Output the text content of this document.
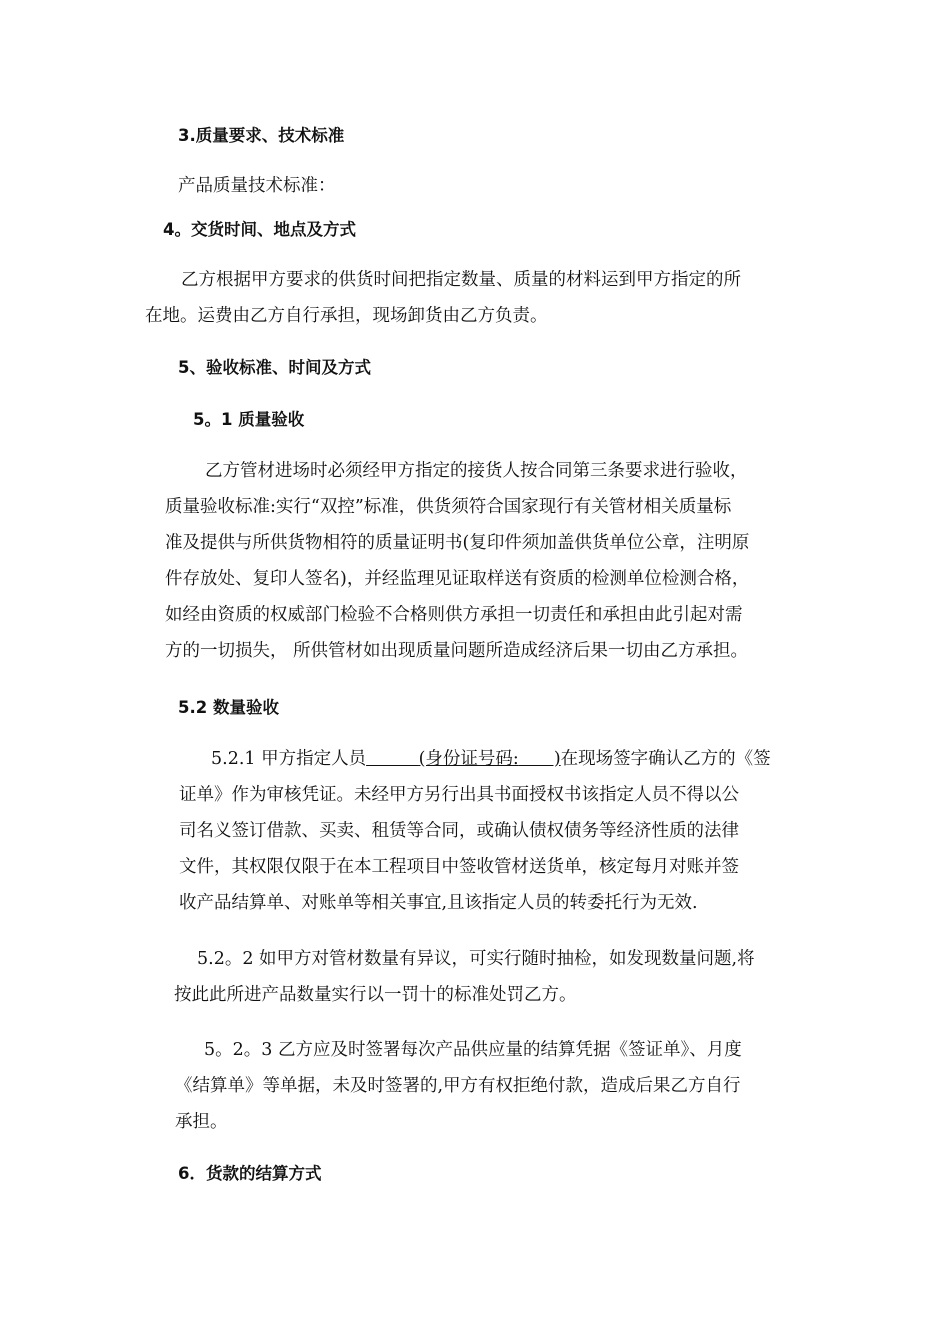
3.质量要求、技术标准
产品质量技术标准：
4。交货时间、地点及方式
乙方根据甲方要求的供货时间把指定数量、质量的材料运到甲方指定的所
在地。运费由乙方自行承担，现场卸货由乙方负责。
5、验收标准、时间及方式
5。1 质量验收
乙方管材进场时必须经甲方指定的接货人按合同第三条要求进行验收，
质量验收标准:实行“双控”标准，供货须符合国家现行有关管材相关质量标
准及提供与所供货物相符的质量证明书(复印件须加盖供货单位公章，注明原
件存放处、复印人签名)，并经监理见证取样送有资质的检测单位检测合格，
如经由资质的权威部门检验不合格则供方承担一切责任和承担由此引起对需
方的一切损失， 所供管材如出现质量问题所造成经济后果一切由乙方承担。
5.2 数量验收
5.2.1 甲方指定人员   	(身份证号码:  )在现场签字确认乙方的《签
证单》作为审核凭证。未经甲方另行出具书面授权书该指定人员不得以公
司名义签订借款、买卖、租赁等合同，或确认债权债务等经济性质的法律
文件，其权限仅限于在本工程项目中签收管材送货单，核定每月对账并签
收产品结算单、对账单等相关事宜,且该指定人员的转委托行为无效.
5.2。2 如甲方对管材数量有异议，可实行随时抽检，如发现数量问题,将
按此此所进产品数量实行以一罚十的标准处罚乙方。
5。2。3 乙方应及时签署每次产品供应量的结算凭据《签证单》、月度
《结算单》等单据，未及时签署的,甲方有权拒绝付款，造成后果乙方自行
承担。
6．货款的结算方式
